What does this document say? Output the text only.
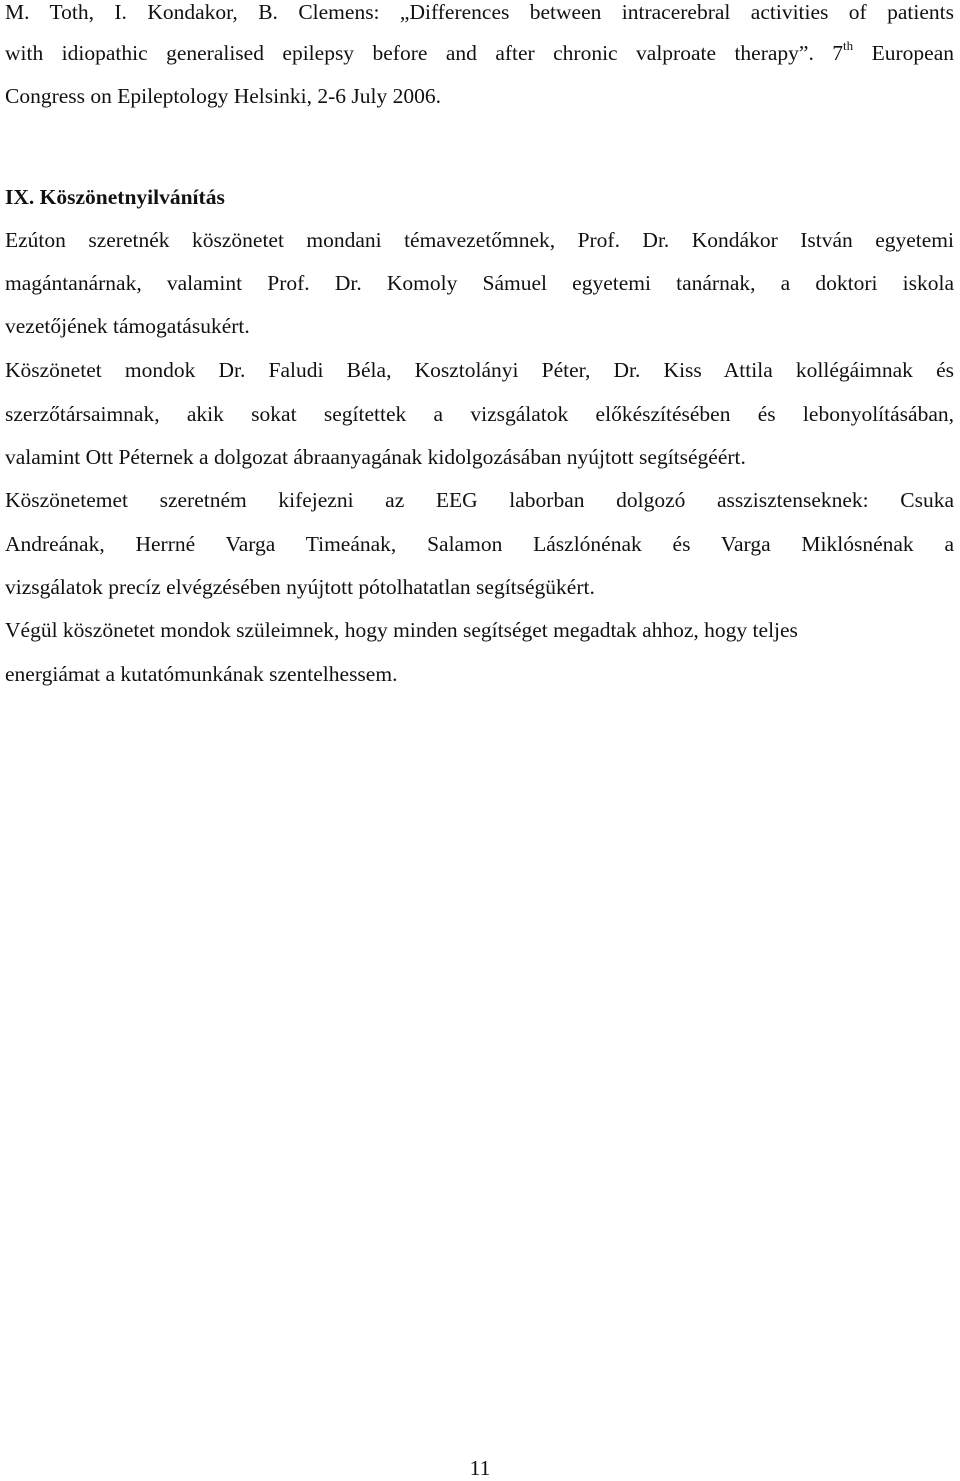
M. Toth, I. Kondakor, B. Clemens: „Differences between intracerebral activities of patients
with idiopathic generalised epilepsy before and after chronic valproate therapy”. 7th European
Congress on Epileptology Helsinki, 2-6 July 2006.
IX. Köszönetnyilvánítás
Ezúton szeretnék köszönetet mondani témavezetőmnek, Prof. Dr. Kondákor István egyetemi
magántanárnak, valamint Prof. Dr. Komoly Sámuel egyetemi tanárnak, a doktori iskola
vezetőjének támogatásukért.
Köszönetet mondok Dr. Faludi Béla, Kosztolányi Péter, Dr. Kiss Attila kollégáimnak és
szerzőtársaimnak, akik sokat segítettek a vizsgálatok előkészítésében és lebonyolításában,
valamint Ott Péternek a dolgozat ábraanyagának kidolgozásában nyújtott segítségéért.
Köszönetemet szeretném kifejezni az EEG laborban dolgozó asszisztenseknek: Csuka
Andreának, Herrné Varga Timeának, Salamon Lászlónénak és Varga Miklósnénak a
vizsgálatok precíz elvégzésében nyújtott pótolhatatlan segítségükért.
Végül köszönetet mondok szüleimnek, hogy minden segítséget megadtak ahhoz, hogy teljes
energiámat a kutatómunkának szentelhessem.
11
